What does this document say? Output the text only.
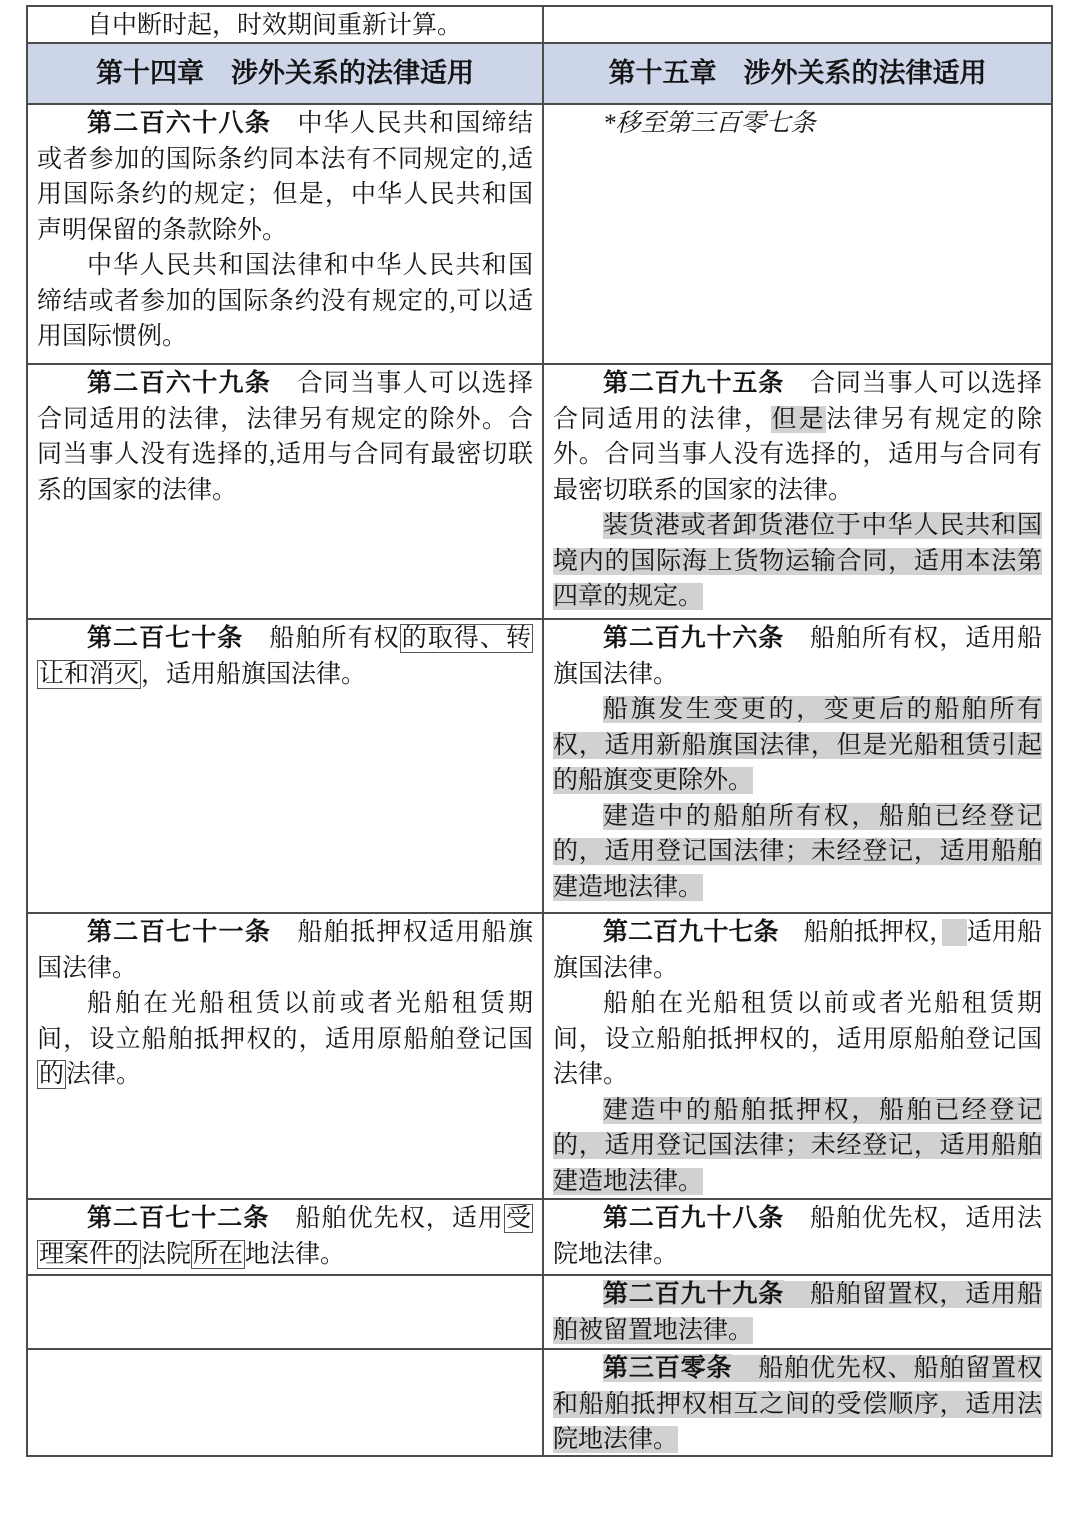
自中断时起，时效期间重新计算。

第十四章　涉外关系的法律适用	第十五章　涉外关系的法律适用

第二百六十八条　中华人民共和国缔结或者参加的国际条约同本法有不同规定的,适用国际条约的规定；但是，中华人民共和国声明保留的条款除外。

中华人民共和国法律和中华人民共和国缔结或者参加的国际条约没有规定的,可以适用国际惯例。

*移至第三百零七条

第二百六十九条　合同当事人可以选择合同适用的法律，法律另有规定的除外。合同当事人没有选择的,适用与合同有最密切联系的国家的法律。

第二百九十五条　合同当事人可以选择合同适用的法律，但是法律另有规定的除外。合同当事人没有选择的，适用与合同有最密切联系的国家的法律。

装货港或者卸货港位于中华人民共和国境内的国际海上货物运输合同，适用本法第四章的规定。

第二百七十条　船舶所有权的取得、转让和消灭，适用船旗国法律。

第二百九十六条　船舶所有权，适用船旗国法律。

船旗发生变更的，变更后的船舶所有权，适用新船旗国法律，但是光船租赁引起的船旗变更除外。

建造中的船舶所有权，船舶已经登记的，适用登记国法律；未经登记，适用船舶建造地法律。

第二百七十一条　船舶抵押权适用船旗国法律。

船舶在光船租赁以前或者光船租赁期间，设立船舶抵押权的，适用原船舶登记国的法律。

第二百九十七条　船舶抵押权，　 适用船旗国法律。

船舶在光船租赁以前或者光船租赁期间，设立船舶抵押权的，适用原船舶登记国法律。

建造中的船舶抵押权，船舶已经登记的，适用登记国法律；未经登记，适用船舶建造地法律。

第二百七十二条　船舶优先权，适用受理案件的法院所在地法律。

第二百九十八条　船舶优先权，适用法院地法律。

第二百九十九条　船舶留置权，适用船舶被留置地法律。

第三百零条　船舶优先权、船舶留置权和船舶抵押权相互之间的受偿顺序，适用法院地法律。
